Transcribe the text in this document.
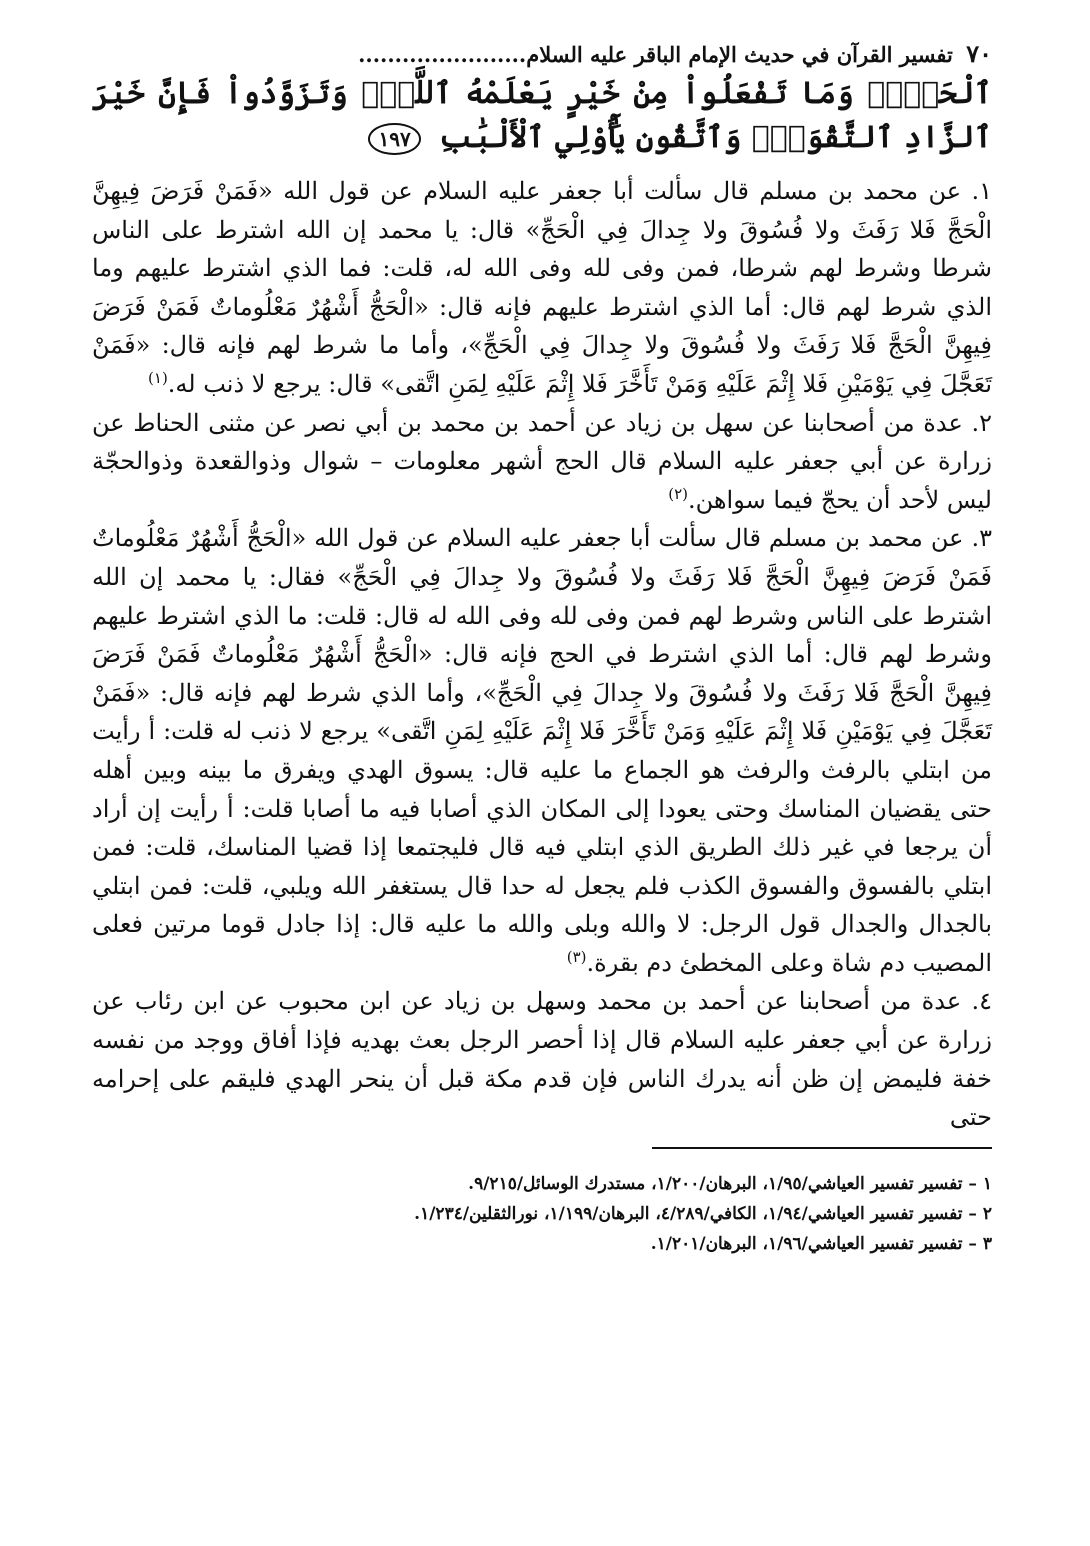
٧٠ تفسير القرآن في حديث الإمام الباقر عليه السلام.......................
ٱلْحَجِّۗ وَمَا تَفْعَلُواْ مِنْ خَيْرٍ يَعْلَمْهُ ٱللَّهُۗ وَتَزَوَّدُواْ فَإِنَّ خَيْرَ ٱلزَّادِ ٱلتَّقْوَىٰۚ وَٱتَّقُونِ يَٰٓأُوْلِي ٱلْأَلْبَٰبِ ١٩٧

١. عن محمد بن مسلم قال سألت أبا جعفر عليه السلام عن قول الله «فَمَنْ فَرَضَ فِيهِنَّ الْحَجَّ فَلا رَفَثَ ولا فُسُوقَ ولا جِدالَ فِي الْحَجِّ» قال: يا محمد إن الله اشترط على الناس شرطا وشرط لهم شرطا، فمن وفى لله وفى الله له، قلت: فما الذي اشترط عليهم وما الذي شرط لهم قال: أما الذي اشترط عليهم فإنه قال: «الْحَجُّ أَشْهُرٌ مَعْلُوماتٌ فَمَنْ فَرَضَ فِيهِنَّ الْحَجَّ فَلا رَفَثَ ولا فُسُوقَ ولا جِدالَ فِي الْحَجِّ»، وأما ما شرط لهم فإنه قال: «فَمَنْ تَعَجَّلَ فِي يَوْمَيْنِ فَلا إِثْمَ عَلَيْهِ وَمَنْ تَأَخَّرَ فَلا إِثْمَ عَلَيْهِ لِمَنِ اتَّقى» قال: يرجع لا ذنب له.$^{(١)}$

٢. عدة من أصحابنا عن سهل بن زياد عن أحمد بن محمد بن أبي نصر عن مثنى الحناط عن زرارة عن أبي جعفر عليه السلام قال الحج أشهر معلومات – شوال وذوالقعدة وذوالحجّة ليس لأحد أن يحجّ فيما سواهن.$^{(٢)}$

٣. عن محمد بن مسلم قال سألت أبا جعفر عليه السلام عن قول الله «الْحَجُّ أَشْهُرٌ مَعْلُوماتٌ فَمَنْ فَرَضَ فِيهِنَّ الْحَجَّ فَلا رَفَثَ ولا فُسُوقَ ولا جِدالَ فِي الْحَجِّ» فقال: يا محمد إن الله اشترط على الناس وشرط لهم فمن وفى لله وفى الله له قال: قلت: ما الذي اشترط عليهم وشرط لهم قال: أما الذي اشترط في الحج فإنه قال: «الْحَجُّ أَشْهُرٌ مَعْلُوماتٌ فَمَنْ فَرَضَ فِيهِنَّ الْحَجَّ فَلا رَفَثَ ولا فُسُوقَ ولا جِدالَ فِي الْحَجِّ»، وأما الذي شرط لهم فإنه قال: «فَمَنْ تَعَجَّلَ فِي يَوْمَيْنِ فَلا إِثْمَ عَلَيْهِ وَمَنْ تَأَخَّرَ فَلا إِثْمَ عَلَيْهِ لِمَنِ اتَّقى» يرجع لا ذنب له قلت: أ رأيت من ابتلي بالرفث والرفث هو الجماع ما عليه قال: يسوق الهدي ويفرق ما بينه وبين أهله حتى يقضيان المناسك وحتى يعودا إلى المكان الذي أصابا فيه ما أصابا قلت: أ رأيت إن أراد أن يرجعا في غير ذلك الطريق الذي ابتلي فيه قال فليجتمعا إذا قضيا المناسك، قلت: فمن ابتلي بالفسوق والفسوق الكذب فلم يجعل له حدا قال يستغفر الله ويلبي، قلت: فمن ابتلي بالجدال والجدال قول الرجل: لا والله وبلى والله ما عليه قال: إذا جادل قوما مرتين فعلى المصيب دم شاة وعلى المخطئ دم بقرة.$^{(٣)}$

٤. عدة من أصحابنا عن أحمد بن محمد وسهل بن زياد عن ابن محبوب عن ابن رئاب عن زرارة عن أبي جعفر عليه السلام قال إذا أحصر الرجل بعث بهديه فإذا أفاق ووجد من نفسه خفة فليمض إن ظن أنه يدرك الناس فإن قدم مكة قبل أن ينحر الهدي فليقم على إحرامه حتى

١ – تفسير تفسير العياشي/١/٩٥، البرهان/١/٢٠٠، مستدرك الوسائل/٩/٢١٥.
٢ – تفسير تفسير العياشي/١/٩٤، الكافي/٤/٢٨٩، البرهان/١/١٩٩، نورالثقلين/١/٢٣٤.
٣ – تفسير تفسير العياشي/١/٩٦، البرهان/١/٢٠١.
